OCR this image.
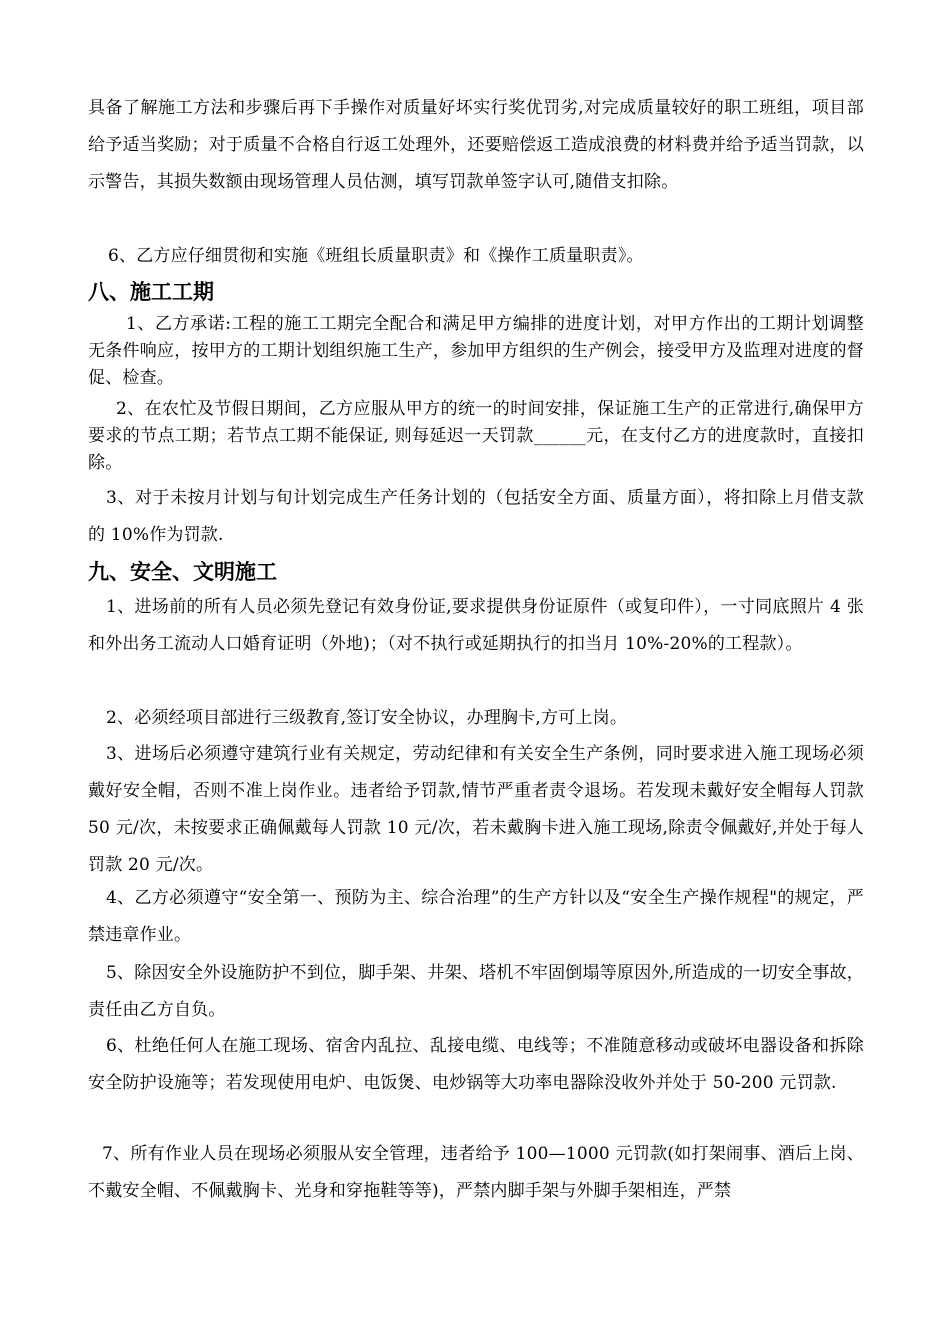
具备了解施工方法和步骤后再下手操作对质量好坏实行奖优罚劣,对完成质量较好的职工班组，项目部给予适当奖励；对于质量不合格自行返工处理外，还要赔偿返工造成浪费的材料费并给予适当罚款，以示警告，其损失数额由现场管理人员估测，填写罚款单签字认可,随借支扣除。
6、乙方应仔细贯彻和实施《班组长质量职责》和《操作工质量职责》。
八、施工工期
1、乙方承诺:工程的施工工期完全配合和满足甲方编排的进度计划，对甲方作出的工期计划调整无条件响应，按甲方的工期计划组织施工生产，参加甲方组织的生产例会，接受甲方及监理对进度的督促、检查。
2、在农忙及节假日期间，乙方应服从甲方的统一的时间安排，保证施工生产的正常进行,确保甲方要求的节点工期；若节点工期不能保证, 则每延迟一天罚款______元，在支付乙方的进度款时，直接扣除。
3、对于未按月计划与旬计划完成生产任务计划的（包括安全方面、质量方面），将扣除上月借支款的 10%作为罚款.
九、安全、文明施工
1、进场前的所有人员必须先登记有效身份证,要求提供身份证原件（或复印件），一寸同底照片 4 张和外出务工流动人口婚育证明（外地)；（对不执行或延期执行的扣当月 10%-20%的工程款）。
2、必须经项目部进行三级教育,签订安全协议，办理胸卡,方可上岗。
3、进场后必须遵守建筑行业有关规定，劳动纪律和有关安全生产条例，同时要求进入施工现场必须戴好安全帽，否则不准上岗作业。违者给予罚款,情节严重者责令退场。若发现未戴好安全帽每人罚款 50 元/次，未按要求正确佩戴每人罚款 10 元/次，若未戴胸卡进入施工现场,除责令佩戴好,并处于每人罚款 20 元/次。
4、乙方必须遵守“安全第一、预防为主、综合治理”的生产方针以及“安全生产操作规程"的规定，严禁违章作业。
5、除因安全外设施防护不到位，脚手架、井架、塔机不牢固倒塌等原因外,所造成的一切安全事故，责任由乙方自负。
6、杜绝任何人在施工现场、宿舍内乱拉、乱接电缆、电线等；不准随意移动或破坏电器设备和拆除安全防护设施等；若发现使用电炉、电饭煲、电炒锅等大功率电器除没收外并处于 50-200 元罚款.
7、所有作业人员在现场必须服从安全管理，违者给予 100—1000 元罚款(如打架闹事、酒后上岗、不戴安全帽、不佩戴胸卡、光身和穿拖鞋等等)，严禁内脚手架与外脚手架相连，严禁
